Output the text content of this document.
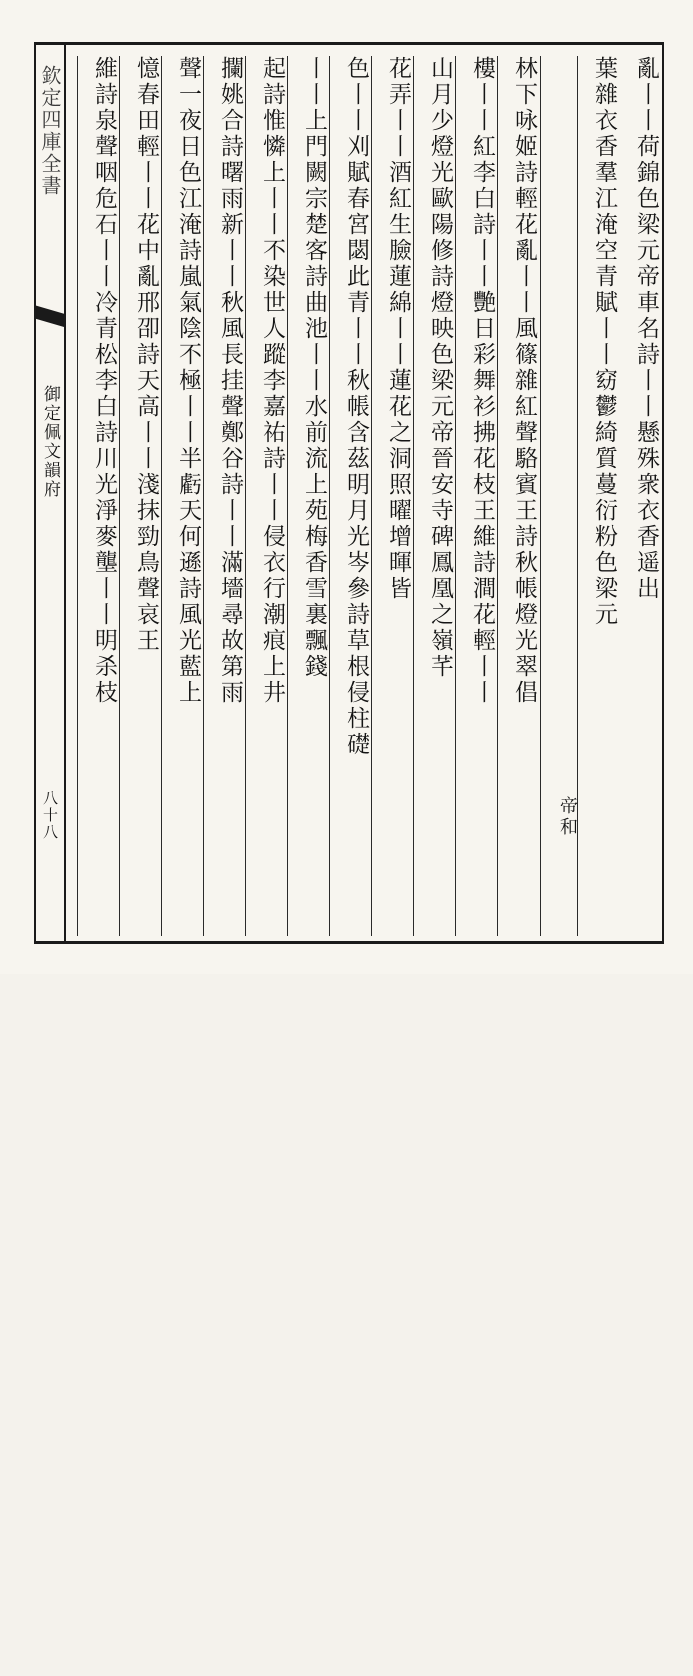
欽定四庫全書
御定佩文韻府
八十八
亂丨丨荷錦色梁元帝車名詩丨丨懸殊衆衣香遥出
葉雜衣香羣江淹空青賦丨丨窈鬱綺質蔓衍粉色梁元
帝和
林下咏姬詩輕花亂丨丨風篠雜紅聲駱賓王詩秋帳燈光翠倡
樓丨丨紅李白詩丨丨艷日彩舞衫拂花枝王維詩澗花輕丨丨
山月少燈光歐陽修詩燈映色梁元帝晉安寺碑鳳凰之嶺芊
花弄丨丨酒紅生臉蓮綿丨丨蓮花之洞照曜增暉皆
色丨丨刈賦春宮閟此青丨丨秋帳含茲明月光岑參詩草根侵柱礎
丨丨上門闕宗楚客詩曲池丨丨水前流上苑梅香雪裏飄錢
起詩惟憐上丨丨不染世人蹤李嘉祐詩丨丨侵衣行潮痕上井
攔姚合詩曙雨新丨丨秋風長挂聲鄭谷詩丨丨滿墻尋故第雨
聲一夜日色江淹詩嵐氣陰不極丨丨半虧天何遜詩風光藍上
憶春田輕丨丨花中亂邢卲詩天高丨丨淺抹勁鳥聲哀王
維詩泉聲咽危石丨丨冷青松李白詩川光淨麥壟丨丨明杀枝
